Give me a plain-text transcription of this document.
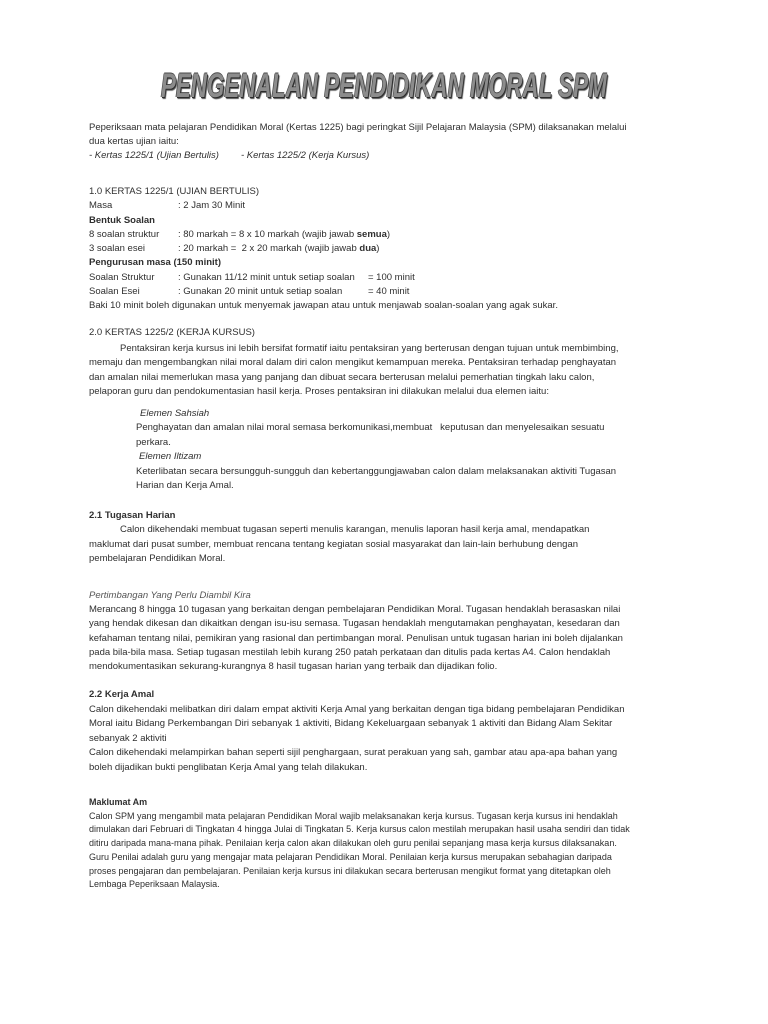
PENGENALAN PENDIDIKAN MORAL SPM
Peperiksaan mata pelajaran Pendidikan Moral (Kertas 1225) bagi peringkat Sijil Pelajaran Malaysia (SPM) dilaksanakan melalui
dua kertas ujian iaitu:
- Kertas 1225/1 (Ujian Bertulis)	- Kertas 1225/2 (Kerja Kursus)
1.0 KERTAS 1225/1 (UJIAN BERTULIS)
Masa	: 2 Jam 30 Minit
Bentuk Soalan
8 soalan struktur	: 80 markah = 8 x 10 markah (wajib jawab semua )
3 soalan esei	: 20 markah =  2 x 20 markah (wajib jawab dua )
Pengurusan masa (150 minit)
Soalan Struktur	: Gunakan 11/12 minit untuk setiap soalan	= 100 minit
Soalan Esei	: Gunakan 20 minit untuk setiap soalan	= 40 minit
Baki 10 minit boleh digunakan untuk menyemak jawapan atau untuk menjawab soalan-soalan yang agak sukar.
2.0 KERTAS 1225/2 (KERJA KURSUS)
Pentaksiran kerja kursus ini lebih bersifat formatif iaitu pentaksiran yang berterusan dengan tujuan untuk membimbing,
memaju dan mengembangkan nilai moral dalam diri calon mengikut kemampuan mereka. Pentaksiran terhadap penghayatan
dan amalan nilai memerlukan masa yang panjang dan dibuat secara berterusan melalui pemerhatian tingkah laku calon,
pelaporan guru dan pendokumentasian hasil kerja. Proses pentaksiran ini dilakukan melalui dua elemen iaitu:
Elemen Sahsiah
Penghayatan dan amalan nilai moral semasa berkomunikasi,membuat   keputusan dan menyelesaikan sesuatu
perkara.
Elemen Iltizam
Keterlibatan secara bersungguh-sungguh dan kebertanggungjawaban calon dalam melaksanakan aktiviti Tugasan
Harian dan Kerja Amal.
2.1 Tugasan Harian
Calon dikehendaki membuat tugasan seperti menulis karangan, menulis laporan hasil kerja amal, mendapatkan
maklumat dari pusat sumber, membuat rencana tentang kegiatan sosial masyarakat dan lain-lain berhubung dengan
pembelajaran Pendidikan Moral.
Pertimbangan Yang Perlu Diambil Kira
Merancang 8 hingga 10 tugasan yang berkaitan dengan pembelajaran Pendidikan Moral. Tugasan hendaklah berasaskan nilai
yang hendak dikesan dan dikaitkan dengan isu-isu semasa. Tugasan hendaklah mengutamakan penghayatan, kesedaran dan
kefahaman tentang nilai, pemikiran yang rasional dan pertimbangan moral. Penulisan untuk tugasan harian ini boleh dijalankan
pada bila-bila masa. Setiap tugasan mestilah lebih kurang 250 patah perkataan dan ditulis pada kertas A4. Calon hendaklah
mendokumentasikan sekurang-kurangnya 8 hasil tugasan harian yang terbaik dan dijadikan folio.
2.2 Kerja Amal
Calon dikehendaki melibatkan diri dalam empat aktiviti Kerja Amal yang berkaitan dengan tiga bidang pembelajaran Pendidikan
Moral iaitu Bidang Perkembangan Diri sebanyak 1 aktiviti, Bidang Kekeluargaan sebanyak 1 aktiviti dan Bidang Alam Sekitar
sebanyak 2 aktiviti
Calon dikehendaki melampirkan bahan seperti sijil penghargaan, surat perakuan yang sah, gambar atau apa-apa bahan yang
boleh dijadikan bukti penglibatan Kerja Amal yang telah dilakukan.
Maklumat Am
Calon SPM yang mengambil mata pelajaran Pendidikan Moral wajib melaksanakan kerja kursus. Tugasan kerja kursus ini hendaklah
dimulakan dari Februari di Tingkatan 4 hingga Julai di Tingkatan 5. Kerja kursus calon mestilah merupakan hasil usaha sendiri dan tidak
ditiru daripada mana-mana pihak. Penilaian kerja calon akan dilakukan oleh guru penilai sepanjang masa kerja kursus dilaksanakan.
Guru Penilai adalah guru yang mengajar mata pelajaran Pendidikan Moral. Penilaian kerja kursus merupakan sebahagian daripada
proses pengajaran dan pembelajaran. Penilaian kerja kursus ini dilakukan secara berterusan mengikut format yang ditetapkan oleh
Lembaga Peperiksaan Malaysia.
